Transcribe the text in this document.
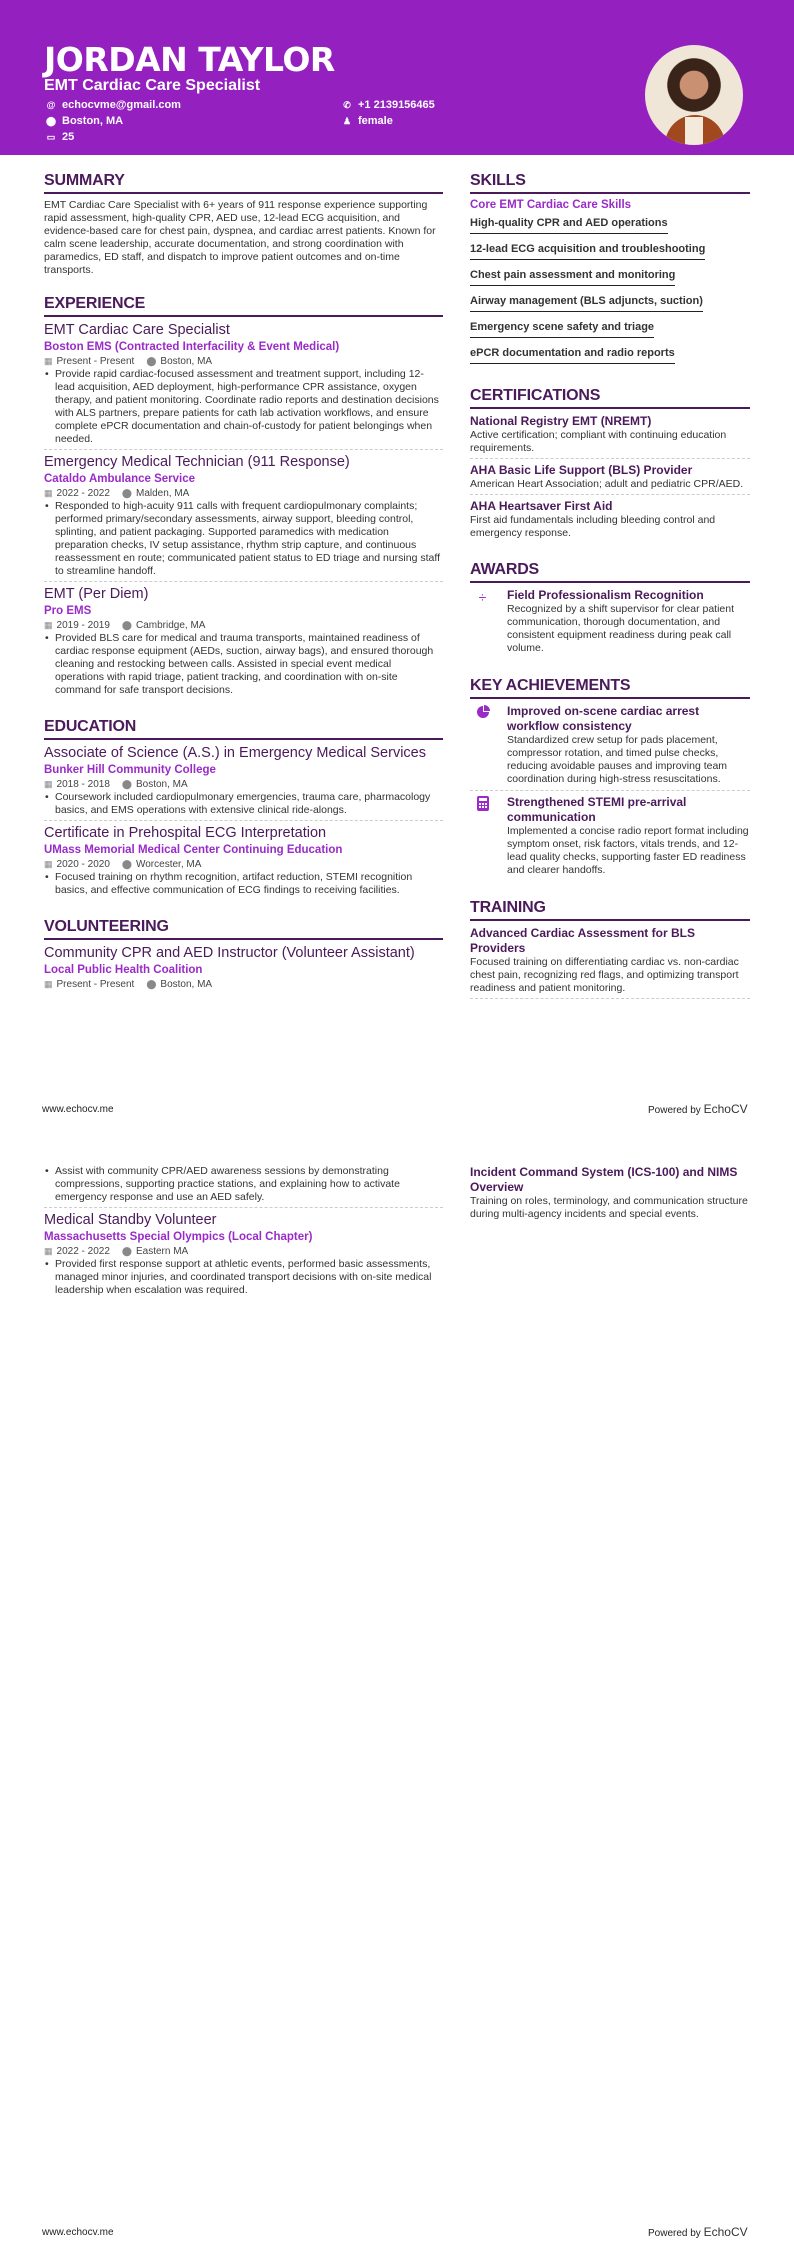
JORDAN TAYLOR
EMT Cardiac Care Specialist
@ echocvme@gmail.com
⬤ Boston, MA
▭ 25
✆ +1 2139156465
♟ female
SUMMARY
EMT Cardiac Care Specialist with 6+ years of 911 response experience supporting rapid assessment, high-quality CPR, AED use, 12-lead ECG acquisition, and evidence-based care for chest pain, dyspnea, and cardiac arrest patients. Known for calm scene leadership, accurate documentation, and strong coordination with paramedics, ED staff, and dispatch to improve patient outcomes and on-time transports.
EXPERIENCE
EMT Cardiac Care Specialist
Boston EMS (Contracted Interfacility & Event Medical)
▦ Present - Present ⬤ Boston, MA
• Provide rapid cardiac-focused assessment and treatment support, including 12-lead acquisition, AED deployment, high-performance CPR assistance, oxygen therapy, and patient monitoring. Coordinate radio reports and destination decisions with ALS partners, prepare patients for cath lab activation workflows, and ensure complete ePCR documentation and chain-of-custody for patient belongings when needed.
Emergency Medical Technician (911 Response)
Cataldo Ambulance Service
▦ 2022 - 2022 ⬤ Malden, MA
• Responded to high-acuity 911 calls with frequent cardiopulmonary complaints; performed primary/secondary assessments, airway support, bleeding control, splinting, and patient packaging. Supported paramedics with medication preparation checks, IV setup assistance, rhythm strip capture, and continuous reassessment en route; communicated patient status to ED triage and nursing staff to streamline handoff.
EMT (Per Diem)
Pro EMS
▦ 2019 - 2019 ⬤ Cambridge, MA
• Provided BLS care for medical and trauma transports, maintained readiness of cardiac response equipment (AEDs, suction, airway bags), and ensured thorough cleaning and restocking between calls. Assisted in special event medical operations with rapid triage, patient tracking, and coordination with on-site command for safe transport decisions.
EDUCATION
Associate of Science (A.S.) in Emergency Medical Services
Bunker Hill Community College
▦ 2018 - 2018 ⬤ Boston, MA
• Coursework included cardiopulmonary emergencies, trauma care, pharmacology basics, and EMS operations with extensive clinical ride-alongs.
Certificate in Prehospital ECG Interpretation
UMass Memorial Medical Center Continuing Education
▦ 2020 - 2020 ⬤ Worcester, MA
• Focused training on rhythm recognition, artifact reduction, STEMI recognition basics, and effective communication of ECG findings to receiving facilities.
VOLUNTEERING
Community CPR and AED Instructor (Volunteer Assistant)
Local Public Health Coalition
▦ Present - Present ⬤ Boston, MA
SKILLS
Core EMT Cardiac Care Skills
High-quality CPR and AED operations
12-lead ECG acquisition and troubleshooting
Chest pain assessment and monitoring
Airway management (BLS adjuncts, suction)
Emergency scene safety and triage
ePCR documentation and radio reports
CERTIFICATIONS
National Registry EMT (NREMT)
Active certification; compliant with continuing education requirements.
AHA Basic Life Support (BLS) Provider
American Heart Association; adult and pediatric CPR/AED.
AHA Heartsaver First Aid
First aid fundamentals including bleeding control and emergency response.
AWARDS
÷	Field Professionalism Recognition
Recognized by a shift supervisor for clear patient communication, thorough documentation, and consistent equipment readiness during peak call volume.
KEY ACHIEVEMENTS
Improved on-scene cardiac arrest workflow consistency
Standardized crew setup for pads placement, compressor rotation, and timed pulse checks, reducing avoidable pauses and improving team coordination during high-stress resuscitations.
Strengthened STEMI pre-arrival communication
Implemented a concise radio report format including symptom onset, risk factors, vitals trends, and 12-lead quality checks, supporting faster ED readiness and clearer handoffs.
TRAINING
Advanced Cardiac Assessment for BLS Providers
Focused training on differentiating cardiac vs. non-cardiac chest pain, recognizing red flags, and optimizing transport readiness and patient monitoring.
www.echocv.me	Powered by EchoCV
• Assist with community CPR/AED awareness sessions by demonstrating compressions, supporting practice stations, and explaining how to activate emergency response and use an AED safely.
Medical Standby Volunteer
Massachusetts Special Olympics (Local Chapter)
▦ 2022 - 2022 ⬤ Eastern MA
• Provided first response support at athletic events, performed basic assessments, managed minor injuries, and coordinated transport decisions with on-site medical leadership when escalation was required.
Incident Command System (ICS-100) and NIMS Overview
Training on roles, terminology, and communication structure during multi-agency incidents and special events.
www.echocv.me	Powered by EchoCV
